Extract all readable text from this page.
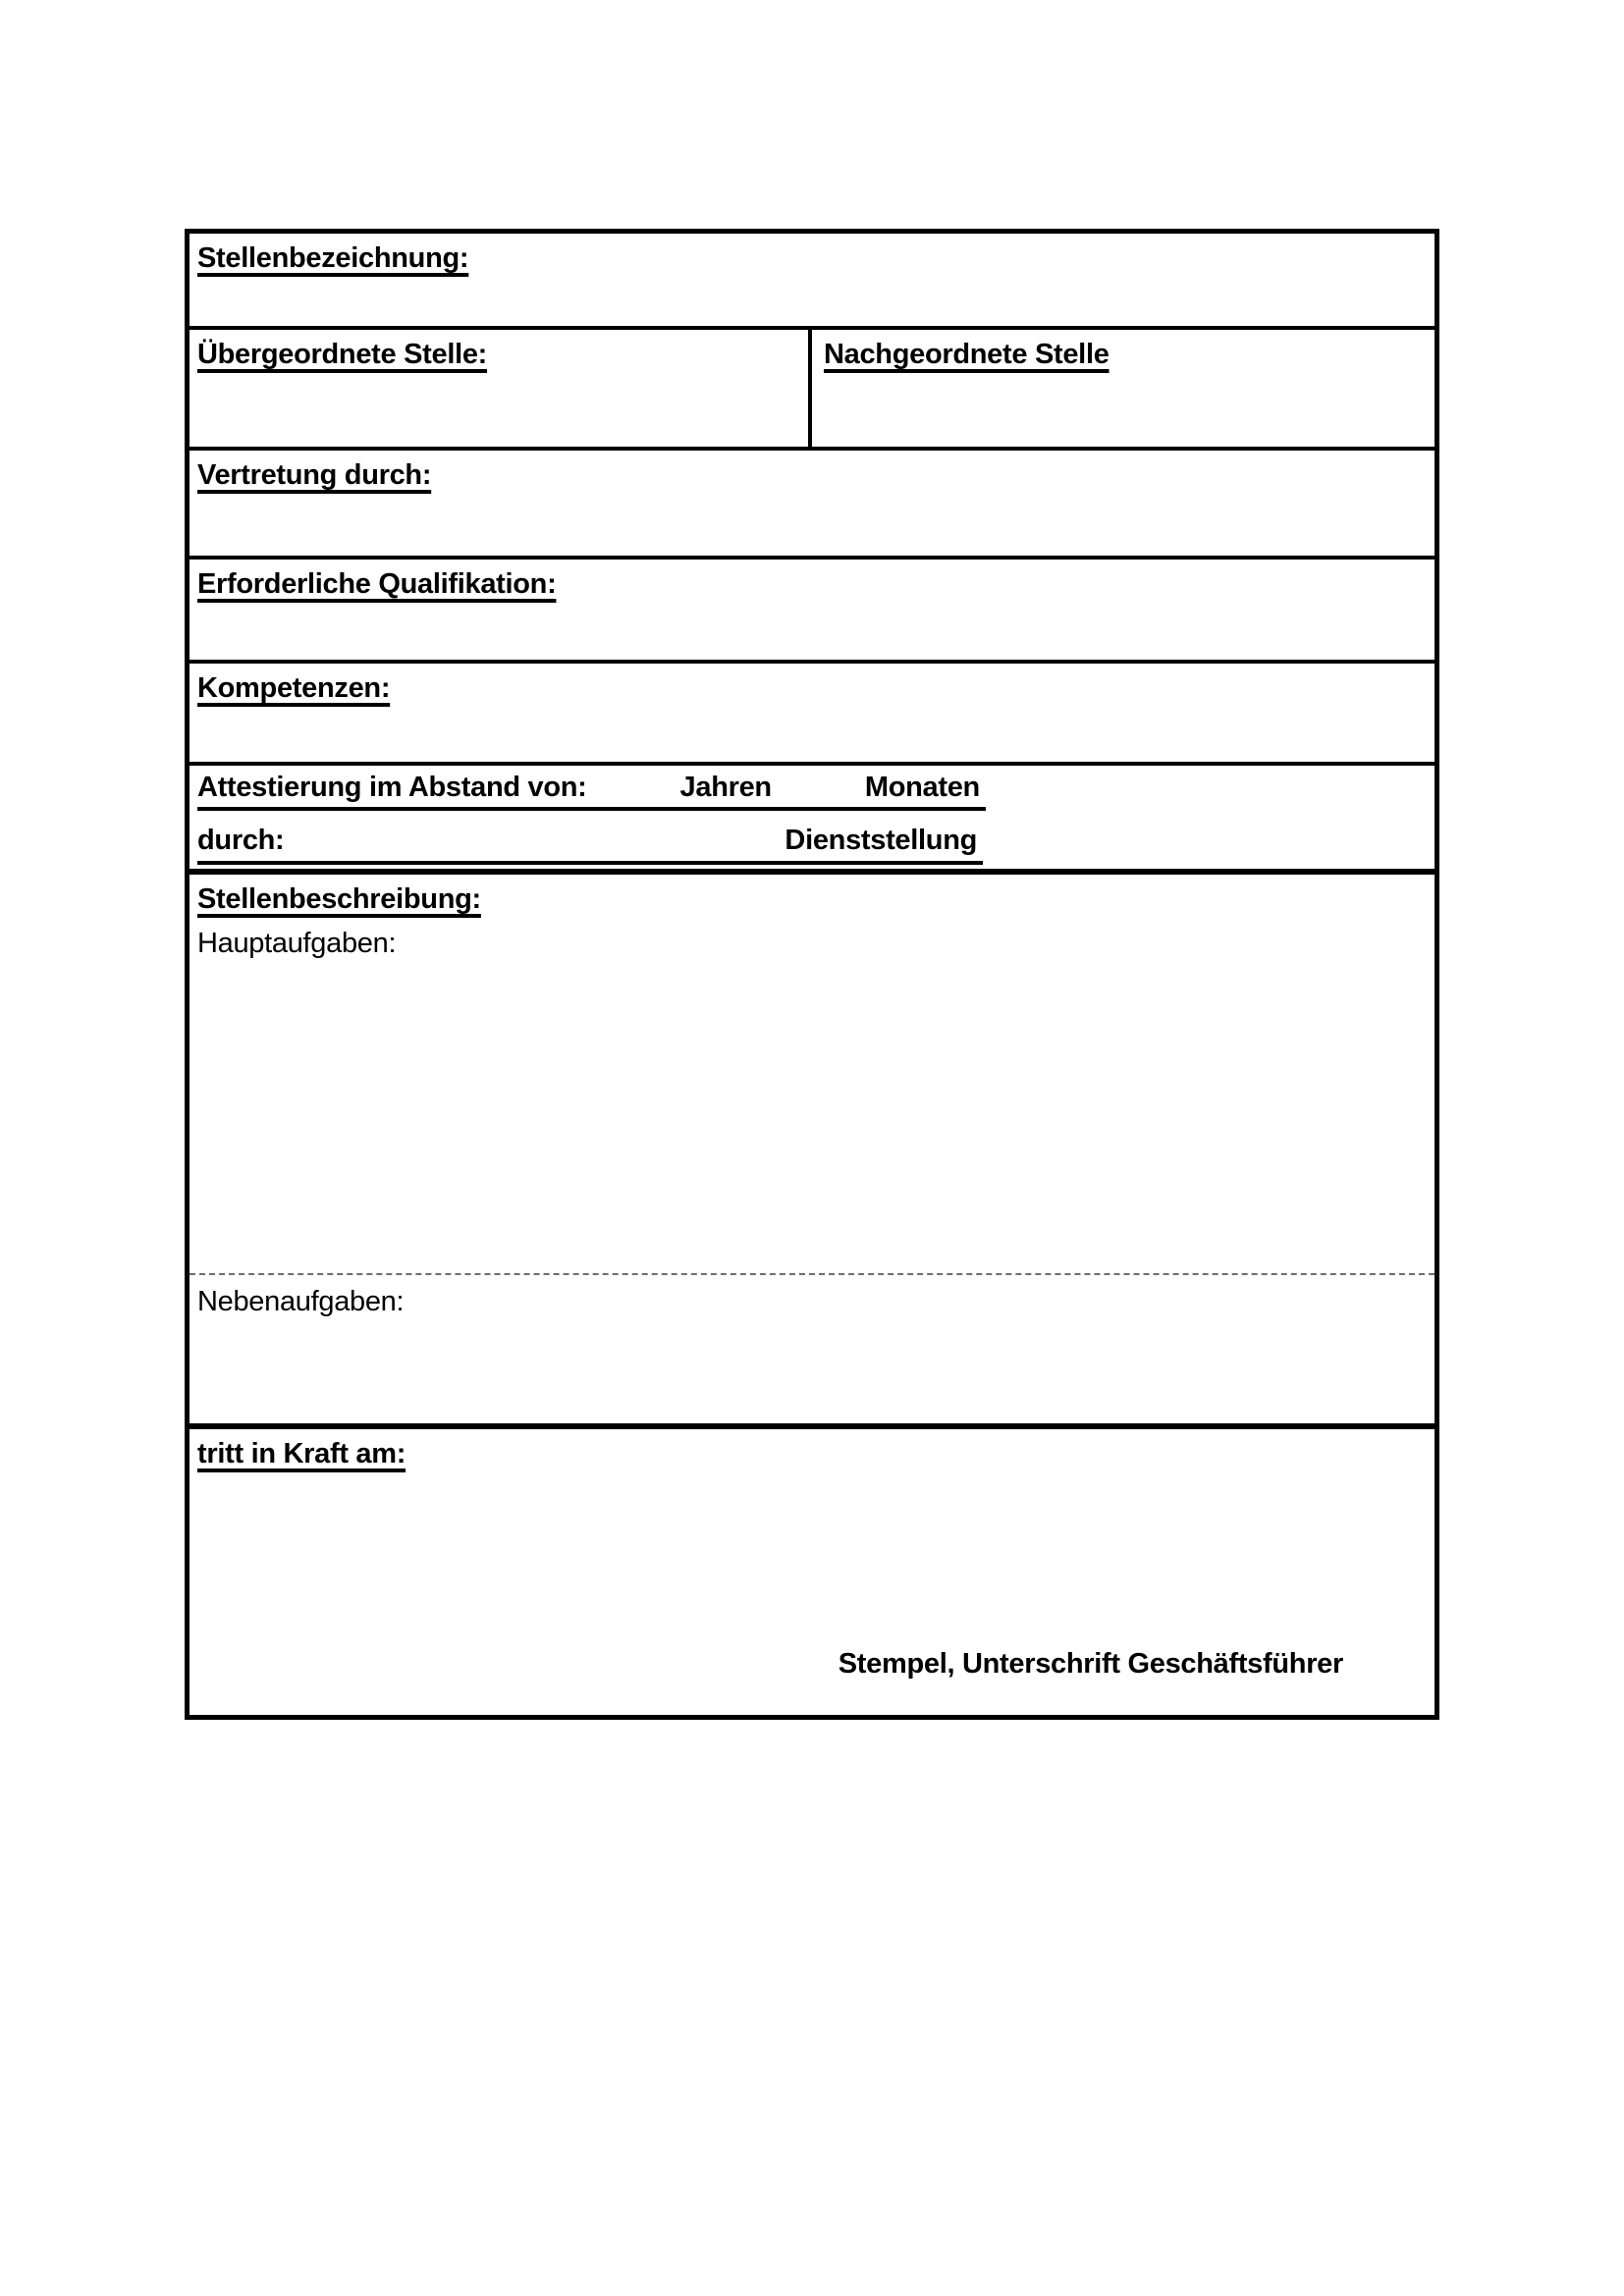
Stellenbezeichnung:
Übergeordnete Stelle:	Nachgeordnete Stelle
Vertretung durch:
Erforderliche Qualifikation:
Kompetenzen:
Attestierung im Abstand von:	Jahren	Monaten
durch:	Dienststellung
Stellenbeschreibung:
Hauptaufgaben:
Nebenaufgaben:
tritt in Kraft am:
Stempel, Unterschrift Geschäftsführer
